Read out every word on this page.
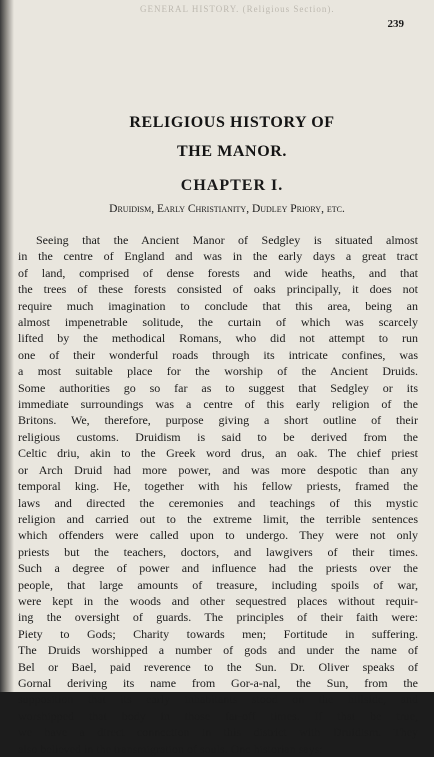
GENERAL HISTORY. (Religious Section).
239
RELIGIOUS HISTORY OF
THE MANOR.
CHAPTER I.
Druidism, Early Christianity, Dudley Priory, etc.
Seeing that the Ancient Manor of Sedgley is situated almost
in the centre of England and was in the early days a great tract
of land, comprised of dense forests and wide heaths, and that
the trees of these forests consisted of oaks principally, it does not
require much imagination to conclude that this area, being an
almost impenetrable solitude, the curtain of which was scarcely
lifted by the methodical Romans, who did not attempt to run
one of their wonderful roads through its intricate confines, was
a most suitable place for the worship of the Ancient Druids.
Some authorities go so far as to suggest that Sedgley or its
immediate surroundings was a centre of this early religion of the
Britons. We, therefore, purpose giving a short outline of their
religious customs. Druidism is said to be derived from the
Celtic driu, akin to the Greek word drus, an oak. The chief priest
or Arch Druid had more power, and was more despotic than any
temporal king. He, together with his fellow priests, framed the
laws and directed the ceremonies and teachings of this mystic
religion and carried out to the extreme limit, the terrible sentences
which offenders were called upon to undergo. They were not only
priests but the teachers, doctors, and lawgivers of their times.
Such a degree of power and influence had the priests over the
people, that large amounts of treasure, including spoils of war,
were kept in the woods and other sequestred places without requir-
ing the oversight of guards. The principles of their faith were:
Piety to Gods; Charity towards men; Fortitude in suffering.
The Druids worshipped a number of gods and under the name of
Bel or Bael, paid reverence to the Sun. Dr. Oliver speaks of
Gornal deriving its name from Gor-a-nal, the Sun, from the
supposition that its early inhabitants stood on the hillside, and
worshipped that body in those far-off times. If that be true,
we have a direct connection in this district with Druidism. They
also believed in the transmigration of souls. One historian says:
